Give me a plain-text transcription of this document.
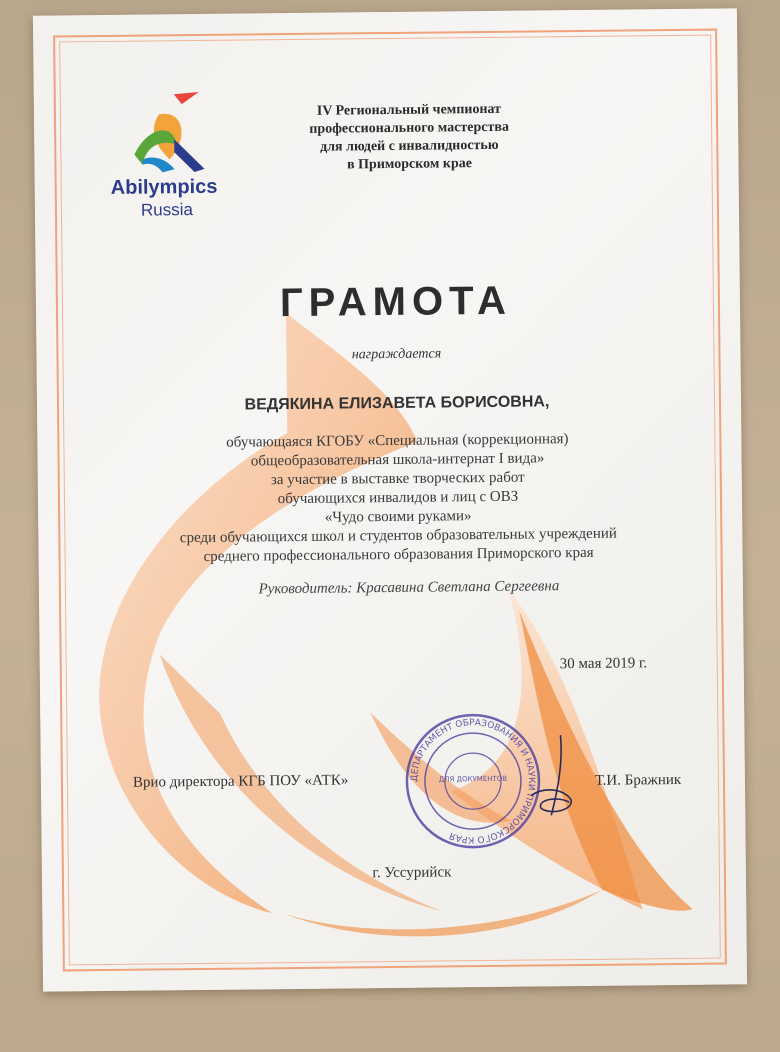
Abilympics
Russia
IV Региональный чемпионат
профессионального мастерства
для людей с инвалидностью
в Приморском крае
ГРАМОТА
награждается
ВЕДЯКИНА ЕЛИЗАВЕТА БОРИСОВНА,
обучающаяся КГОБУ «Специальная (коррекционная)
общеобразовательная школа-интернат I вида»
за участие в выставке творческих работ
обучающихся инвалидов и лиц с ОВЗ
«Чудо своими руками»
среди обучающихся школ и студентов образовательных учреждений
среднего профессионального образования Приморского края
Руководитель: Красавина Светлана Сергеевна
30 мая 2019 г.
ДЕПАРТАМЕНТ ОБРАЗОВАНИЯ И НАУКИ ПРИМОРСКОГО КРАЯ
ДЛЯ ДОКУМЕНТОВ
Врио директора КГБ ПОУ «АТК»	Т.И. Бражник
г. Уссурийск
